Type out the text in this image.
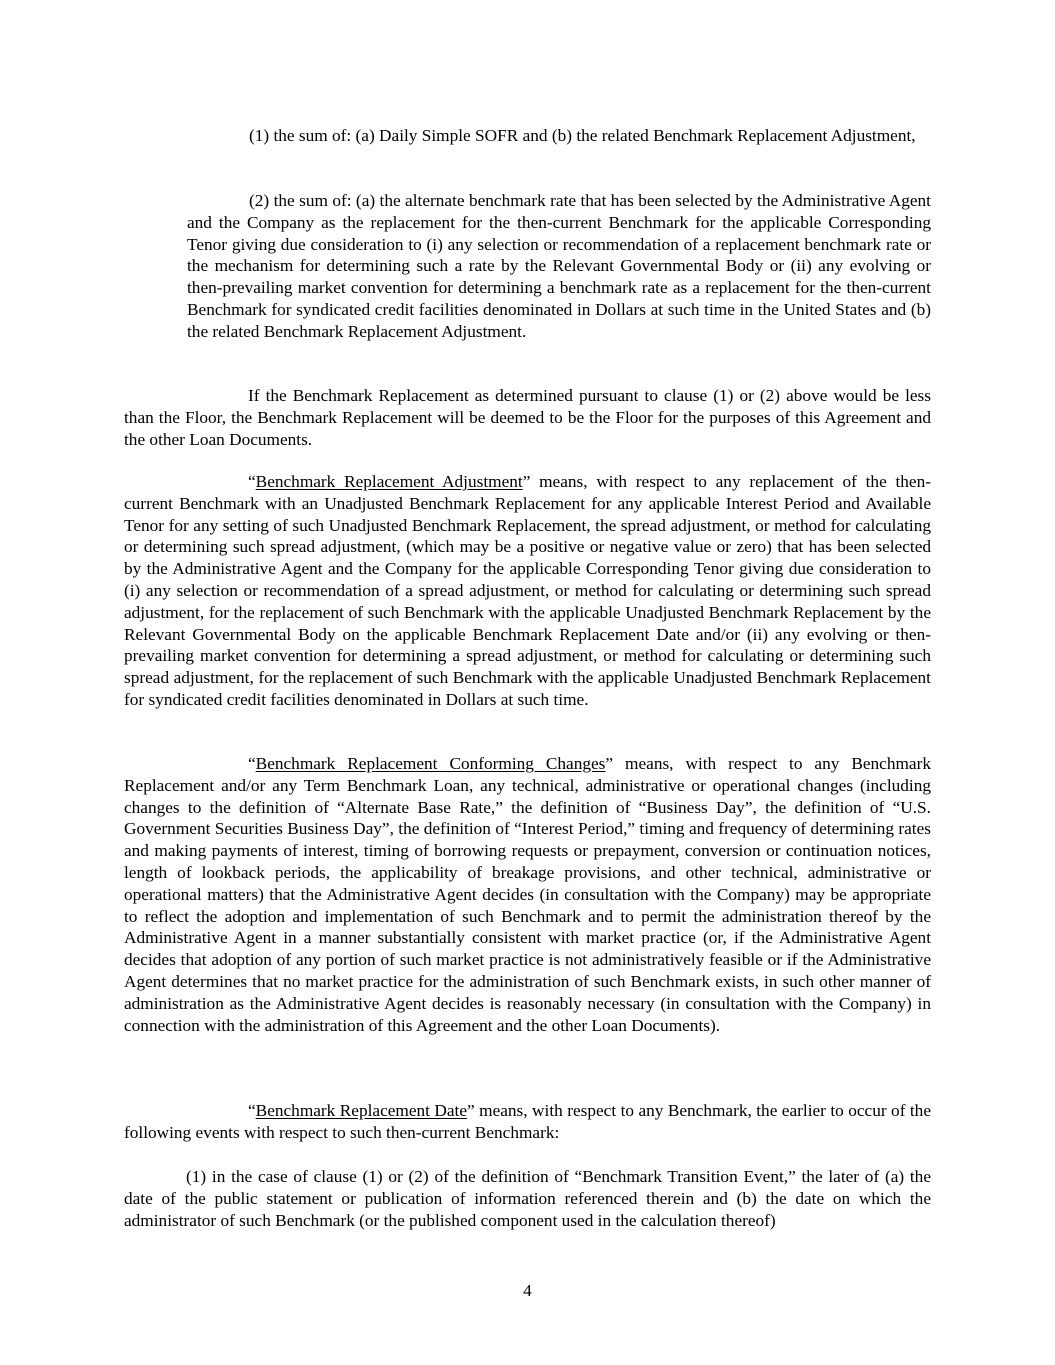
(1) the sum of: (a) Daily Simple SOFR and (b) the related Benchmark Replacement Adjustment,

(2) the sum of: (a) the alternate benchmark rate that has been selected by the Administrative Agent and the Company as the replacement for the then-current Benchmark for the applicable Corresponding Tenor giving due consideration to (i) any selection or recommendation of a replacement benchmark rate or the mechanism for determining such a rate by the Relevant Governmental Body or (ii) any evolving or then-prevailing market convention for determining a benchmark rate as a replacement for the then-current Benchmark for syndicated credit facilities denominated in Dollars at such time in the United States and (b) the related Benchmark Replacement Adjustment.

If the Benchmark Replacement as determined pursuant to clause (1) or (2) above would be less than the Floor, the Benchmark Replacement will be deemed to be the Floor for the purposes of this Agreement and the other Loan Documents.

“Benchmark Replacement Adjustment” means, with respect to any replacement of the then-current Benchmark with an Unadjusted Benchmark Replacement for any applicable Interest Period and Available Tenor for any setting of such Unadjusted Benchmark Replacement, the spread adjustment, or method for calculating or determining such spread adjustment, (which may be a positive or negative value or zero) that has been selected by the Administrative Agent and the Company for the applicable Corresponding Tenor giving due consideration to (i) any selection or recommendation of a spread adjustment, or method for calculating or determining such spread adjustment, for the replacement of such Benchmark with the applicable Unadjusted Benchmark Replacement by the Relevant Governmental Body on the applicable Benchmark Replacement Date and/or (ii) any evolving or then-prevailing market convention for determining a spread adjustment, or method for calculating or determining such spread adjustment, for the replacement of such Benchmark with the applicable Unadjusted Benchmark Replacement for syndicated credit facilities denominated in Dollars at such time.

“Benchmark Replacement Conforming Changes” means, with respect to any Benchmark Replacement and/or any Term Benchmark Loan, any technical, administrative or operational changes (including changes to the definition of “Alternate Base Rate,” the definition of “Business Day”, the definition of “U.S. Government Securities Business Day”, the definition of “Interest Period,” timing and frequency of determining rates and making payments of interest, timing of borrowing requests or prepayment, conversion or continuation notices, length of lookback periods, the applicability of breakage provisions, and other technical, administrative or operational matters) that the Administrative Agent decides (in consultation with the Company) may be appropriate to reflect the adoption and implementation of such Benchmark and to permit the administration thereof by the Administrative Agent in a manner substantially consistent with market practice (or, if the Administrative Agent decides that adoption of any portion of such market practice is not administratively feasible or if the Administrative Agent determines that no market practice for the administration of such Benchmark exists, in such other manner of administration as the Administrative Agent decides is reasonably necessary (in consultation with the Company) in connection with the administration of this Agreement and the other Loan Documents).

“Benchmark Replacement Date” means, with respect to any Benchmark, the earlier to occur of the following events with respect to such then-current Benchmark:

(1) in the case of clause (1) or (2) of the definition of “Benchmark Transition Event,” the later of (a) the date of the public statement or publication of information referenced therein and (b) the date on which the administrator of such Benchmark (or the published component used in the calculation thereof)

4
